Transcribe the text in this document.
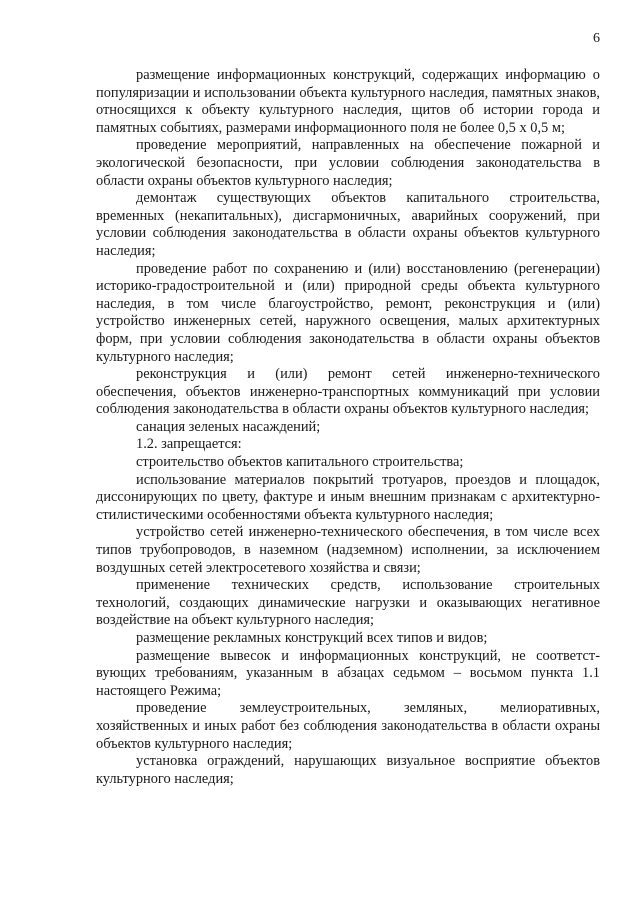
6

размещение информационных конструкций, содержащих информацию о популяризации и использовании объекта культурного наследия, памятных знаков, относящихся к объекту культурного наследия, щитов об истории города и памятных событиях, размерами информационного поля не более 0,5 х 0,5 м;

проведение мероприятий, направленных на обеспечение пожарной и экологической безопасности, при условии соблюдения законодательства в области охраны объектов культурного наследия;

демонтаж существующих объектов капитального строительства, временных (некапитальных), дисгармоничных, аварийных сооружений, при условии соблюдения законодательства в области охраны объектов культурного наследия;

проведение работ по сохранению и (или) восстановлению (регенерации) историко-градостроительной и (или) природной среды объекта культурного наследия, в том числе благоустройство, ремонт, реконструкция и (или) устройство инженерных сетей, наружного освещения, малых архитектурных форм, при условии соблюдения законодательства в области охраны объектов культурного наследия;

реконструкция и (или) ремонт сетей инженерно-технического обеспечения, объектов инженерно-транспортных коммуникаций при условии соблюдения законодательства в области охраны объектов культурного наследия;

санация зеленых насаждений;

1.2. запрещается:

строительство объектов капитального строительства;

использование материалов покрытий тротуаров, проездов и площадок, диссонирующих по цвету, фактуре и иным внешним признакам с архитектурно-стилистическими особенностями объекта культурного наследия;

устройство сетей инженерно-технического обеспечения, в том числе всех типов трубопроводов, в наземном (надземном) исполнении, за исключением воздушных сетей электросетевого хозяйства и связи;

применение технических средств, использование строительных технологий, создающих динамические нагрузки и оказывающих негативное воздействие на объект культурного наследия;

размещение рекламных конструкций всех типов и видов;

размещение вывесок и информационных конструкций, не соответст-вующих требованиям, указанным в абзацах седьмом – восьмом пункта 1.1 настоящего Режима;

проведение землеустроительных, земляных, мелиоративных, хозяйственных и иных работ без соблюдения законодательства в области охраны объектов культурного наследия;

установка ограждений, нарушающих визуальное восприятие объектов культурного наследия;
